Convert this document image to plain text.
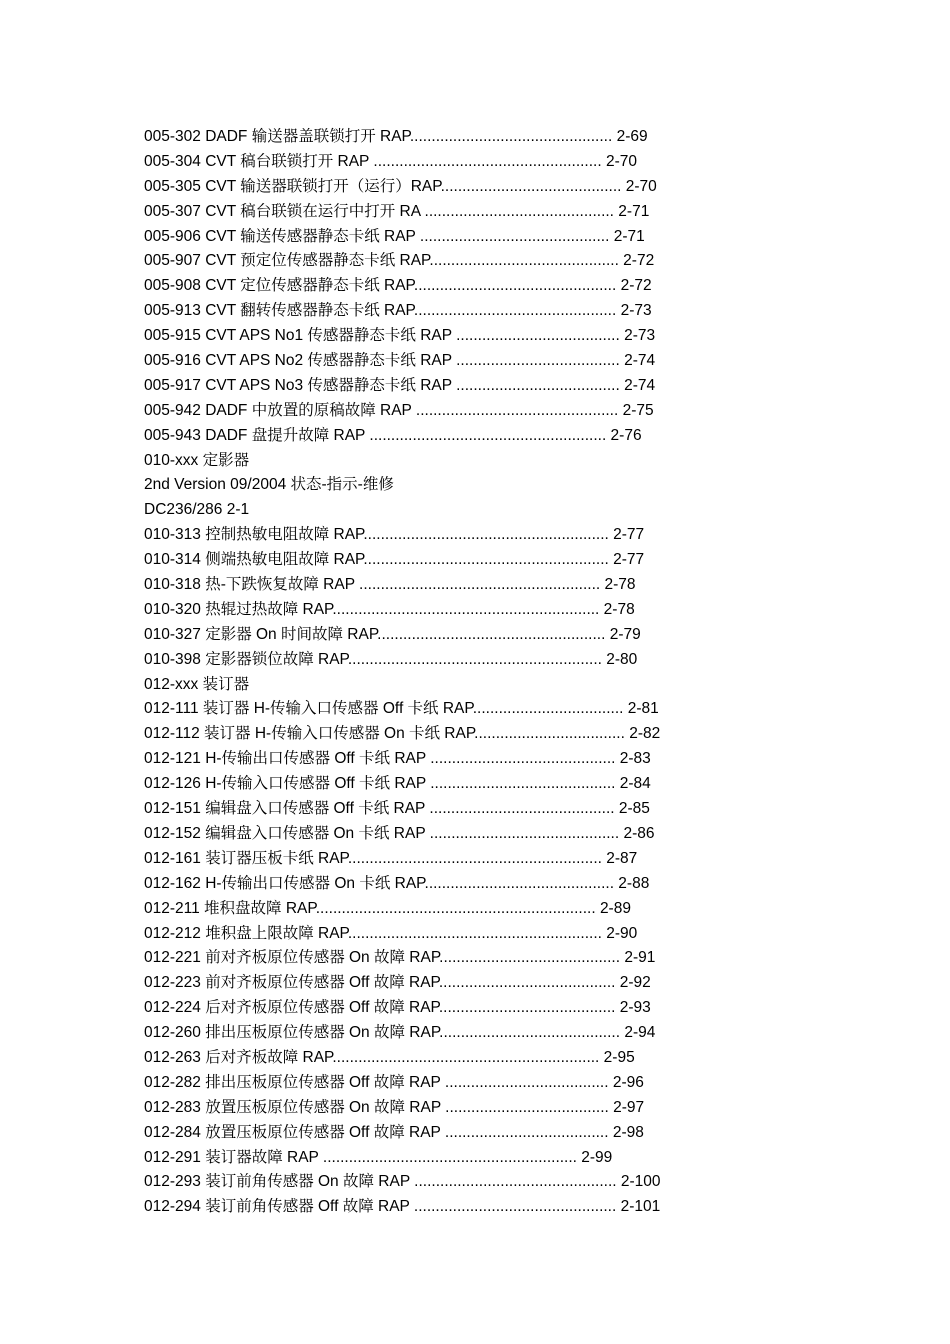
005-302 DADF 输送器盖联锁打开 RAP............................................... 2-69
005-304 CVT 稿台联锁打开 RAP ..................................................... 2-70
005-305 CVT 输送器联锁打开（运行）RAP.......................................... 2-70
005-307 CVT 稿台联锁在运行中打开 RA ............................................ 2-71
005-906 CVT 输送传感器静态卡纸 RAP ............................................ 2-71
005-907 CVT 预定位传感器静态卡纸 RAP............................................ 2-72
005-908 CVT 定位传感器静态卡纸 RAP............................................... 2-72
005-913 CVT 翻转传感器静态卡纸 RAP............................................... 2-73
005-915 CVT APS No1 传感器静态卡纸 RAP ...................................... 2-73
005-916 CVT APS No2 传感器静态卡纸 RAP ...................................... 2-74
005-917 CVT APS No3 传感器静态卡纸 RAP ...................................... 2-74
005-942 DADF 中放置的原稿故障 RAP ............................................... 2-75
005-943 DADF 盘提升故障 RAP ....................................................... 2-76
010-xxx 定影器
2nd Version 09/2004 状态-指示-维修
DC236/286 2-1
010-313 控制热敏电阻故障 RAP......................................................... 2-77
010-314 侧端热敏电阻故障 RAP......................................................... 2-77
010-318 热-下跌恢复故障 RAP ........................................................ 2-78
010-320 热辊过热故障 RAP.............................................................. 2-78
010-327 定影器 On 时间故障 RAP..................................................... 2-79
010-398 定影器锁位故障 RAP........................................................... 2-80
012-xxx 装订器
012-111 装订器 H-传输入口传感器 Off 卡纸 RAP................................... 2-81
012-112 装订器 H-传输入口传感器 On 卡纸 RAP................................... 2-82
012-121 H-传输出口传感器 Off 卡纸 RAP ........................................... 2-83
012-126 H-传输入口传感器 Off 卡纸 RAP ........................................... 2-84
012-151 编辑盘入口传感器 Off 卡纸 RAP ........................................... 2-85
012-152 编辑盘入口传感器 On 卡纸 RAP ............................................ 2-86
012-161 装订器压板卡纸 RAP........................................................... 2-87
012-162 H-传输出口传感器 On 卡纸 RAP............................................ 2-88
012-211 堆积盘故障 RAP................................................................. 2-89
012-212 堆积盘上限故障 RAP........................................................... 2-90
012-221 前对齐板原位传感器 On 故障 RAP.......................................... 2-91
012-223 前对齐板原位传感器 Off 故障 RAP......................................... 2-92
012-224 后对齐板原位传感器 Off 故障 RAP......................................... 2-93
012-260 排出压板原位传感器 On 故障 RAP.......................................... 2-94
012-263 后对齐板故障 RAP.............................................................. 2-95
012-282 排出压板原位传感器 Off 故障 RAP ...................................... 2-96
012-283 放置压板原位传感器 On 故障 RAP ...................................... 2-97
012-284 放置压板原位传感器 Off 故障 RAP ...................................... 2-98
012-291 装订器故障 RAP ........................................................... 2-99
012-293 装订前角传感器 On 故障 RAP ............................................... 2-100
012-294 装订前角传感器 Off 故障 RAP ............................................... 2-101
